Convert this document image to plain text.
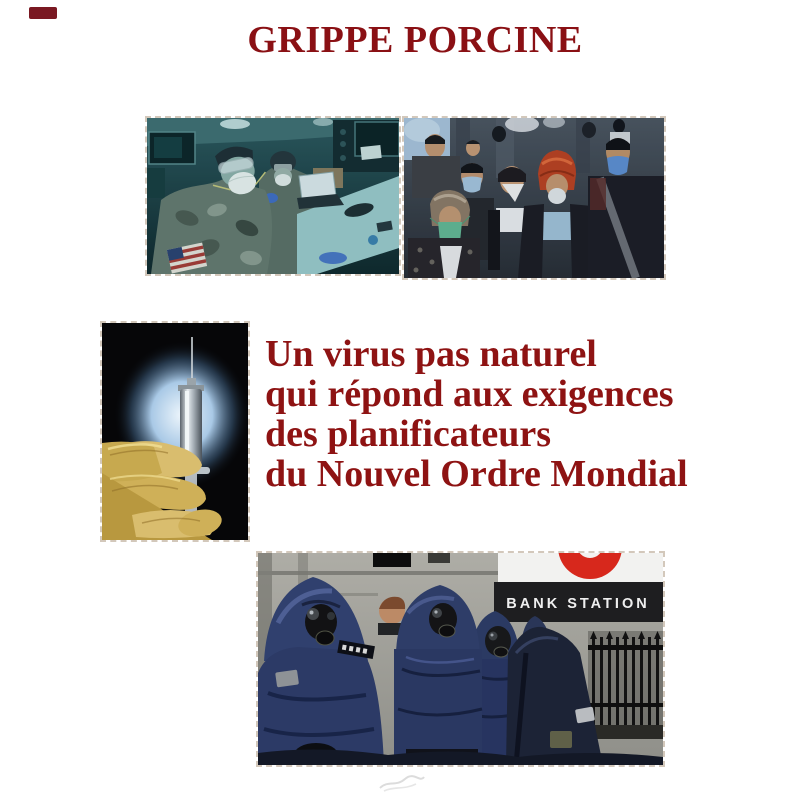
GRIPPE PORCINE
Un virus pas naturel
qui répond aux exigences
des planificateurs
du Nouvel Ordre Mondial
BANK STATION
